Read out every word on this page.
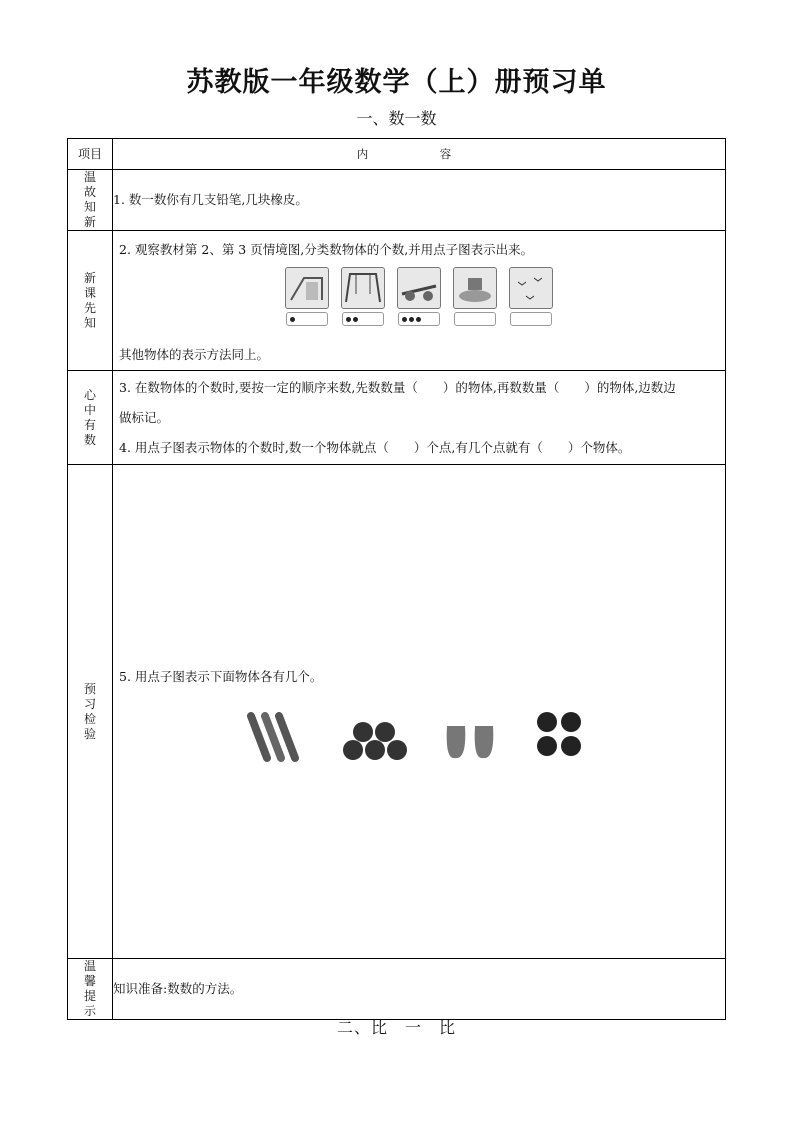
苏教版一年级数学（上）册预习单
一、数一数
项目	内　容
温故知新	1. 数一数你有几支铅笔,几块橡皮。
新课先知	2. 观察教材第 2、第 3 页情境图,分类数物体的个数,并用点子图表示出来。
其他物体的表示方法同上。

心中有数	3. 在数物体的个数时,要按一定的顺序来数,先数数量（　　）的物体,再数数量（　　）的物体,边数边
做标记。
4. 用点子图表示物体的个数时,数一个物体就点（　　）个点,有几个点就有（　　）个物体。

预习检验	5. 用点子图表示下面物体各有几个。

温馨提示	知识准备:数数的方法。
二、比　一　比
